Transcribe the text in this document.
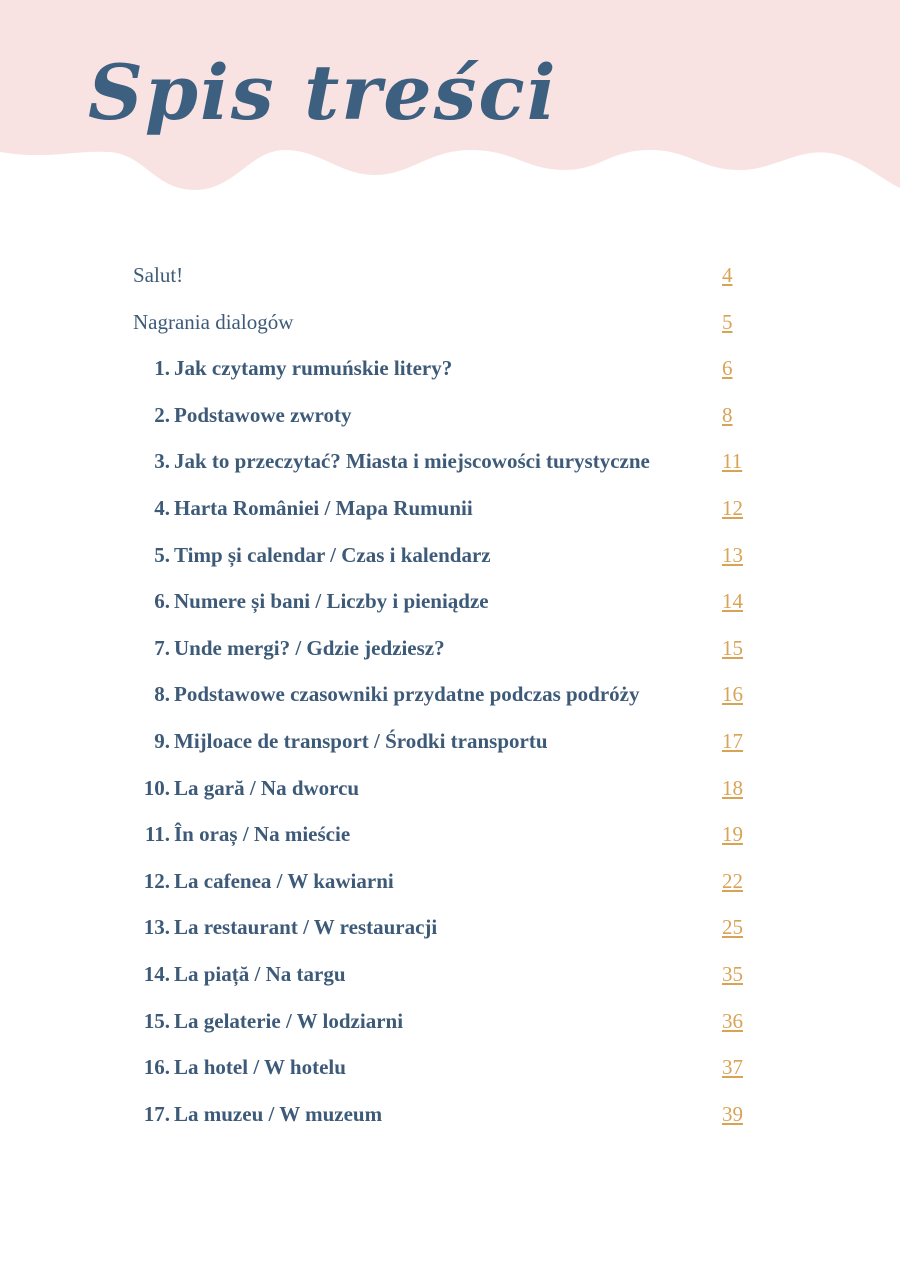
Spis treści
Salut!	4
Nagrania dialogów	5
1. Jak czytamy rumuńskie litery?	6
2. Podstawowe zwroty	8
3. Jak to przeczytać? Miasta i miejscowości turystyczne	11
4. Harta României / Mapa Rumunii	12
5. Timp și calendar / Czas i kalendarz	13
6. Numere și bani / Liczby i pieniądze	14
7. Unde mergi? / Gdzie jedziesz?	15
8. Podstawowe czasowniki przydatne podczas podróży	16
9. Mijloace de transport / Środki transportu	17
10. La gară / Na dworcu	18
11. În oraș / Na mieście	19
12. La cafenea / W kawiarni	22
13. La restaurant / W restauracji	25
14. La piață / Na targu	35
15. La gelaterie / W lodziarni	36
16. La hotel / W hotelu	37
17. La muzeu / W muzeum	39
